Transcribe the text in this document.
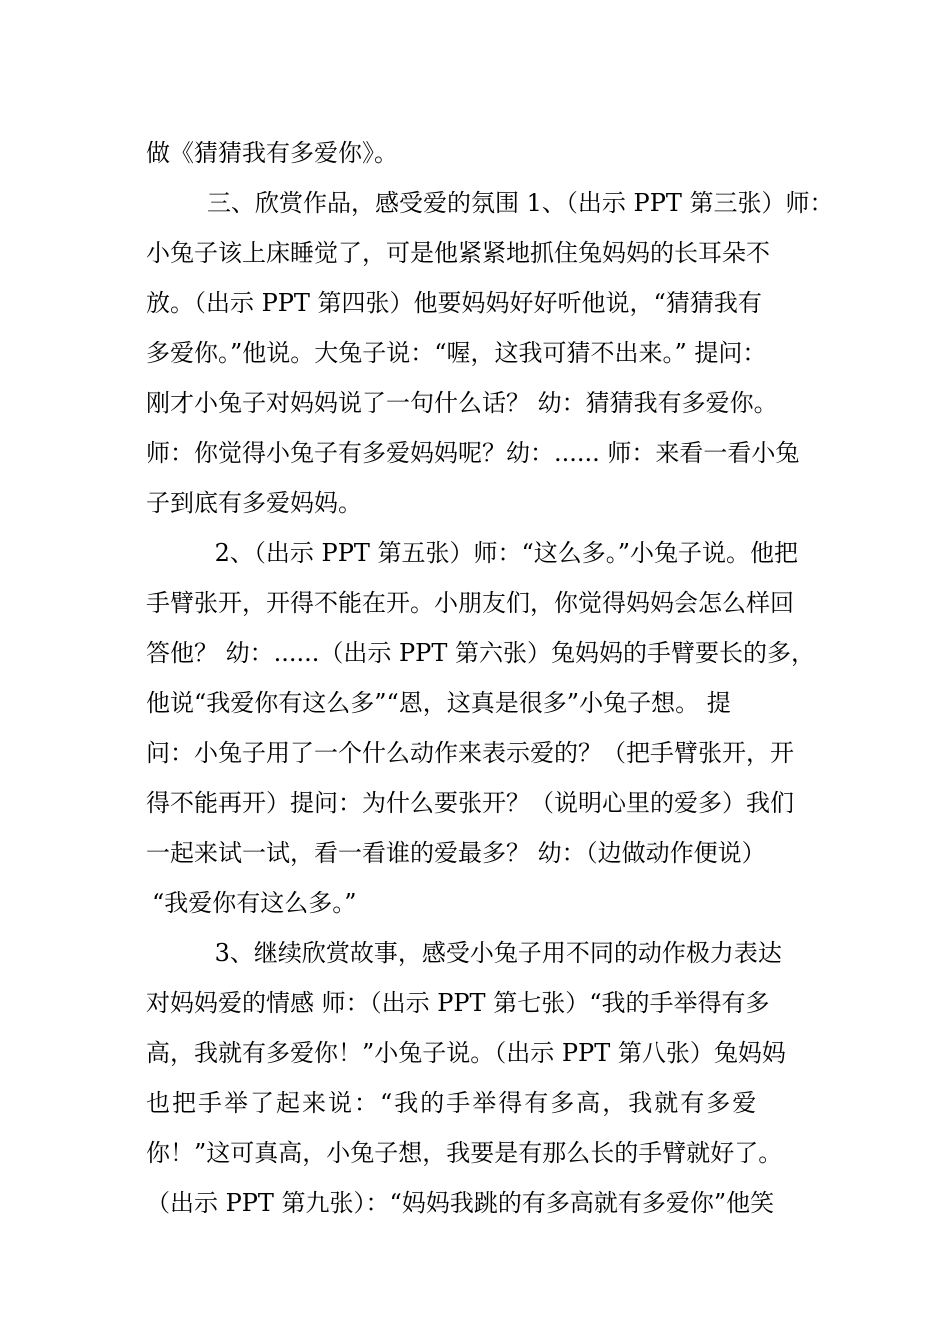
做《猜猜我有多爱你》。
三、欣赏作品，感受爱的氛围 1、（出示 PPT 第三张）师：
小兔子该上床睡觉了，可是他紧紧地抓住兔妈妈的长耳朵不
放。（出示 PPT 第四张）他要妈妈好好听他说，“猜猜我有
多爱你。”他说。大兔子说：“喔，这我可猜不出来。” 提问：
刚才小兔子对妈妈说了一句什么话？ 幼：猜猜我有多爱你。
师：你觉得小兔子有多爱妈妈呢？幼：...... 师：来看一看小兔
子到底有多爱妈妈。
2、（出示 PPT 第五张）师：“这么多。”小兔子说。他把
手臂张开，开得不能在开。小朋友们，你觉得妈妈会怎么样回
答他？ 幼：......（出示 PPT 第六张）兔妈妈的手臂要长的多，
他说“我爱你有这么多”“恩，这真是很多”小兔子想。 提
问：小兔子用了一个什么动作来表示爱的？（把手臂张开，开
得不能再开）提问：为什么要张开？（说明心里的爱多）我们
一起来试一试，看一看谁的爱最多？ 幼：（边做动作便说）
“我爱你有这么多。”
3、继续欣赏故事，感受小兔子用不同的动作极力表达
对妈妈爱的情感 师：（出示 PPT 第七张）“我的手举得有多
高，我就有多爱你！”小兔子说。（出示 PPT 第八张）兔妈妈
也把手举了起来说：“我的手举得有多高，我就有多爱
你！”这可真高，小兔子想，我要是有那么长的手臂就好了。
（出示 PPT 第九张）：“妈妈我跳的有多高就有多爱你”他笑
